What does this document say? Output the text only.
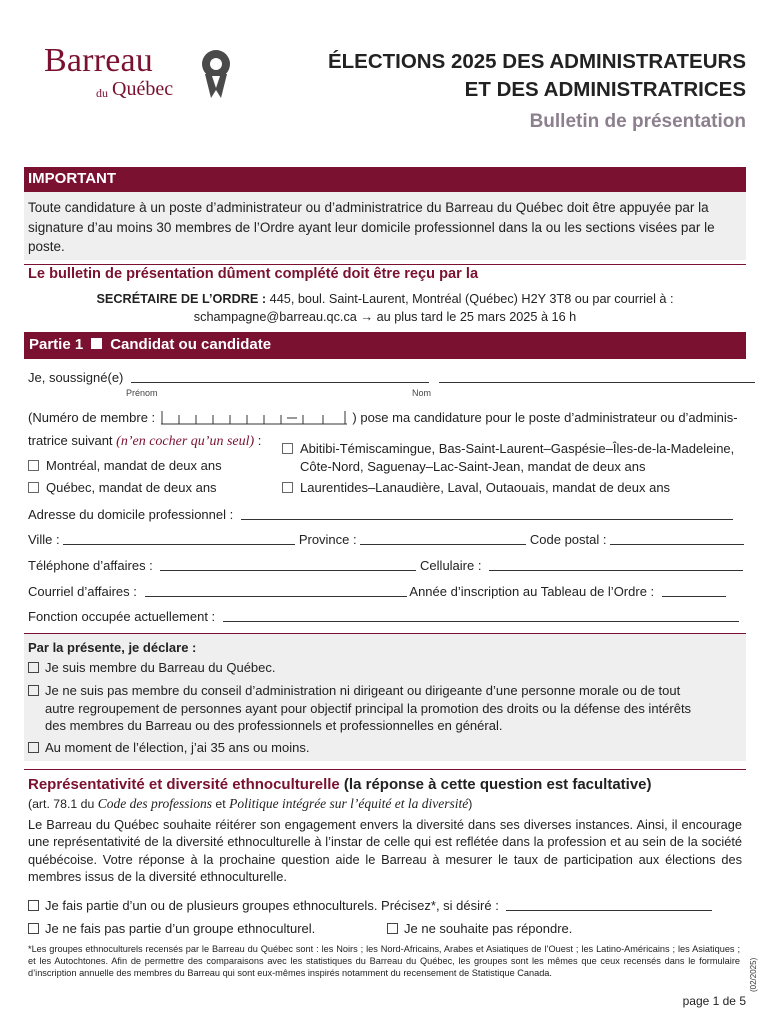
Barreau
du Québec
ÉLECTIONS 2025 DES ADMINISTRATEURS
ET DES ADMINISTRATRICES
Bulletin de présentation
IMPORTANT
Toute candidature à un poste d’administrateur ou d’administratrice du Barreau du Québec doit être appuyée par la signature d’au moins 30 membres de l’Ordre ayant leur domicile professionnel dans la ou les sections visées par le poste.
Le bulletin de présentation dûment complété doit être reçu par la
SECRÉTAIRE DE L’ORDRE : 445, boul. Saint-Laurent, Montréal (Québec) H2Y 3T8 ou par courriel à :
schampagne@barreau.qc.ca → au plus tard le 25 mars 2025 à 16 h
Partie 1 Candidat ou candidate
Je, soussigné(e)
Prénom	Nom
(Numéro de membre :	) pose ma candidature pour le poste d’administrateur ou d’adminis-
tratrice suivant (n’en cocher qu’un seul) :
Montréal, mandat de deux ans
Québec, mandat de deux ans
Abitibi-Témiscamingue, Bas-Saint-Laurent–Gaspésie–Îles-de-la-Madeleine,
Côte-Nord, Saguenay–Lac-Saint-Jean, mandat de deux ans
Laurentides–Lanaudière, Laval, Outaouais, mandat de deux ans
Adresse du domicile professionnel :
Ville :	Province :	Code postal :
Téléphone d’affaires :	Cellulaire :
Courriel d’affaires :	Année d’inscription au Tableau de l’Ordre :
Fonction occupée actuellement :
Par la présente, je déclare :
Je suis membre du Barreau du Québec.
Je ne suis pas membre du conseil d’administration ni dirigeant ou dirigeante d’une personne morale ou de tout
autre regroupement de personnes ayant pour objectif principal la promotion des droits ou la défense des intérêts
des membres du Barreau ou des professionnels et professionnelles en général.
Au moment de l’élection, j’ai 35 ans ou moins.
Représentativité et diversité ethnoculturelle (la réponse à cette question est facultative)
(art. 78.1 du Code des professions et Politique intégrée sur l’équité et la diversité)
Le Barreau du Québec souhaite réitérer son engagement envers la diversité dans ses diverses instances. Ainsi, il encourage une représentativité de la diversité ethnoculturelle à l’instar de celle qui est reflétée dans la profession et au sein de la société québécoise. Votre réponse à la prochaine question aide le Barreau à mesurer le taux de participation aux élections des membres issus de la diversité ethnoculturelle.
Je fais partie d’un ou de plusieurs groupes ethnoculturels. Précisez*, si désiré :
Je ne fais pas partie d’un groupe ethnoculturel.	Je ne souhaite pas répondre.
*Les groupes ethnoculturels recensés par le Barreau du Québec sont : les Noirs ; les Nord-Africains, Arabes et Asiatiques de l’Ouest ; les Latino-Américains ; les Asiatiques ; et les Autochtones. Afin de permettre des comparaisons avec les statistiques du Barreau du Québec, les groupes sont les mêmes que ceux recensés dans le formulaire d’inscription annuelle des membres du Barreau qui sont eux-mêmes inspirés notamment du recensement de Statistique Canada.	(02/2025)
page 1 de 5
